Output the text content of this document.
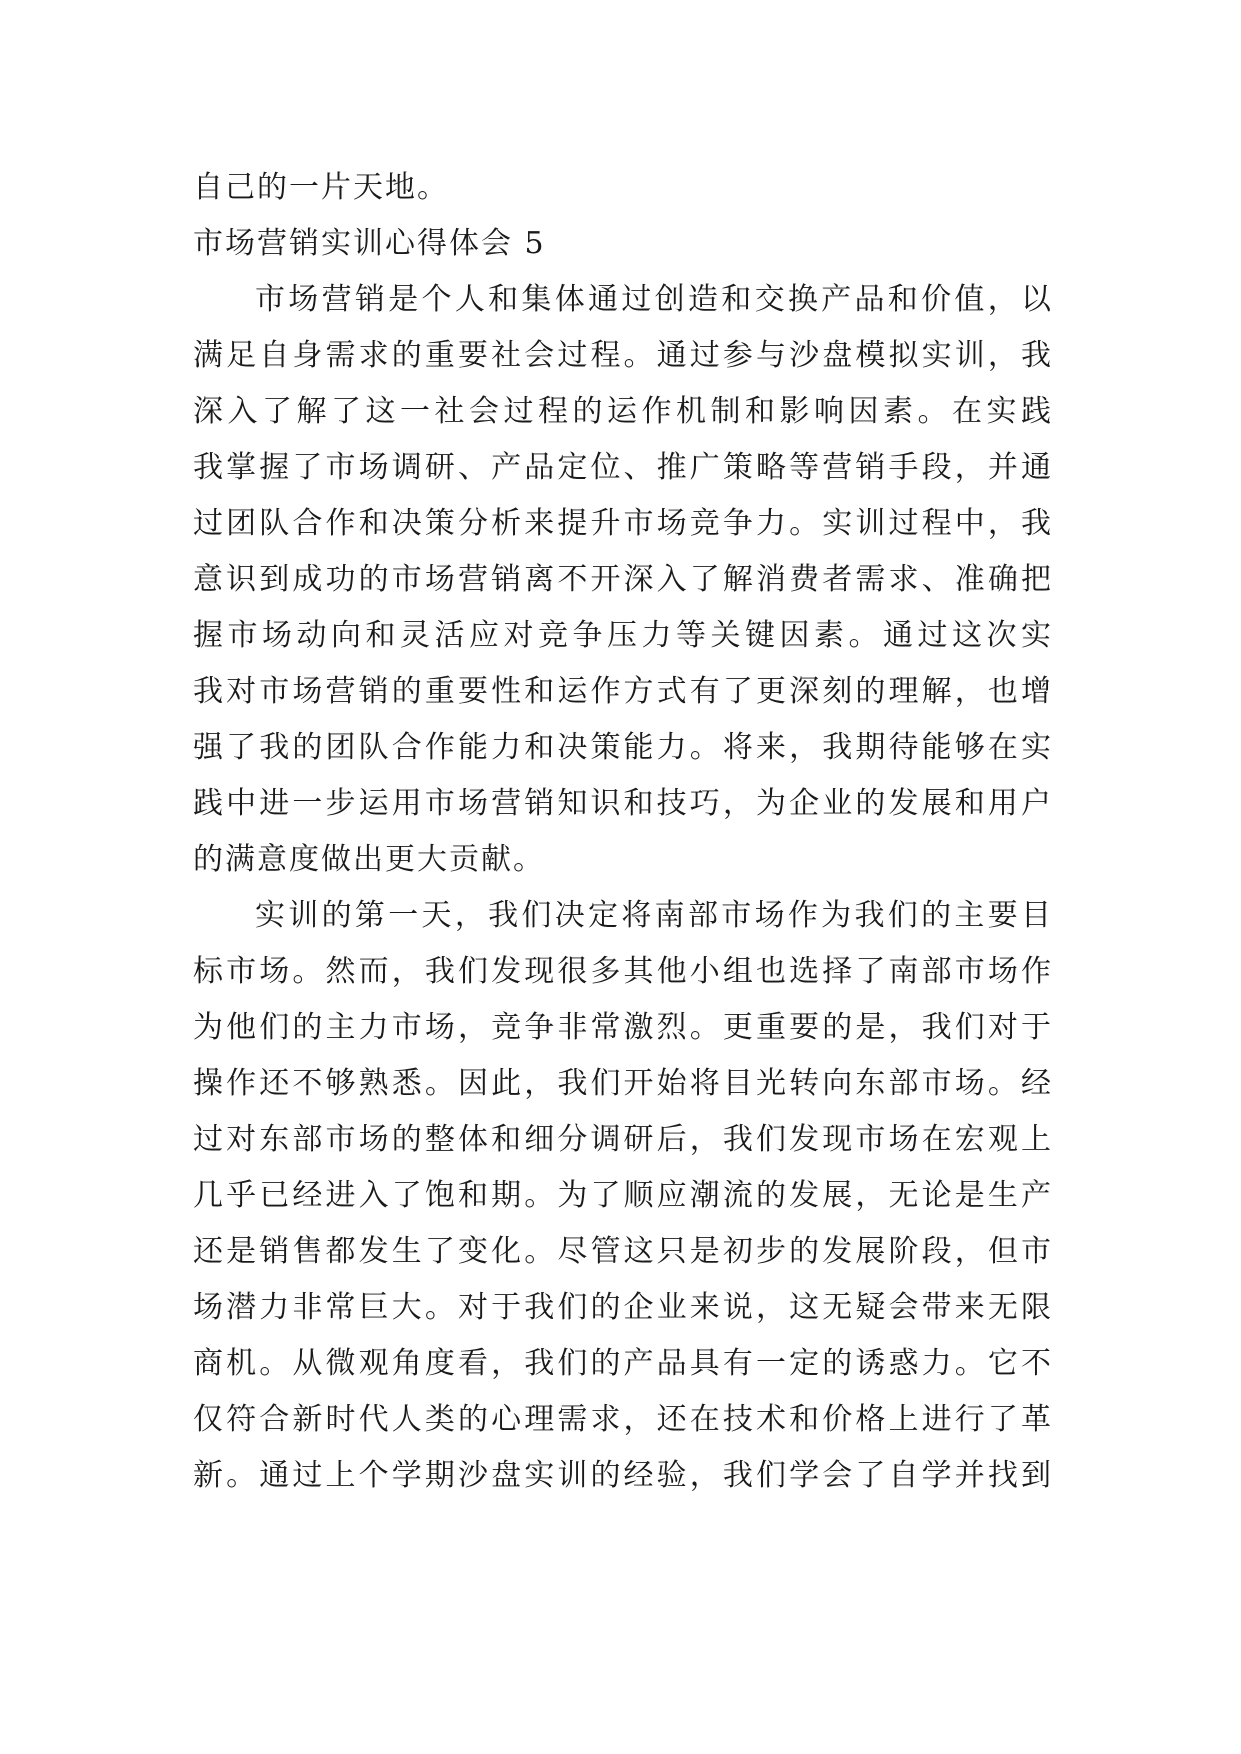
自己的一片天地。
市场营销实训心得体会 5
市场营销是个人和集体通过创造和交换产品和价值，以
满足自身需求的重要社会过程。通过参与沙盘模拟实训，我
深入了解了这一社会过程的运作机制和影响因素。在实践
我掌握了市场调研、产品定位、推广策略等营销手段，并通
过团队合作和决策分析来提升市场竞争力。实训过程中，我
意识到成功的市场营销离不开深入了解消费者需求、准确把
握市场动向和灵活应对竞争压力等关键因素。通过这次实
我对市场营销的重要性和运作方式有了更深刻的理解，也增
强了我的团队合作能力和决策能力。将来，我期待能够在实
践中进一步运用市场营销知识和技巧，为企业的发展和用户
的满意度做出更大贡献。
实训的第一天，我们决定将南部市场作为我们的主要目
标市场。然而，我们发现很多其他小组也选择了南部市场作
为他们的主力市场，竞争非常激烈。更重要的是，我们对于
操作还不够熟悉。因此，我们开始将目光转向东部市场。经
过对东部市场的整体和细分调研后，我们发现市场在宏观上
几乎已经进入了饱和期。为了顺应潮流的发展，无论是生产
还是销售都发生了变化。尽管这只是初步的发展阶段，但市
场潜力非常巨大。对于我们的企业来说，这无疑会带来无限
商机。从微观角度看，我们的产品具有一定的诱惑力。它不
仅符合新时代人类的心理需求，还在技术和价格上进行了革
新。通过上个学期沙盘实训的经验，我们学会了自学并找到
